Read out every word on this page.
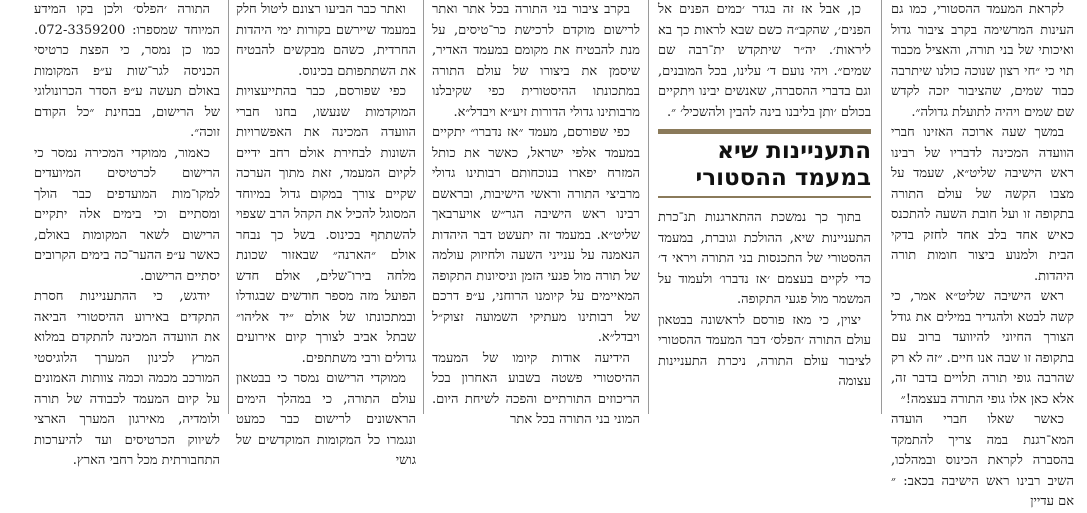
לקראת המעמד ההסטורי, כמו גם העינות המרשימה בקרב ציבור גדול ואיכותי של בני תורה, והאציל מכבוד תוי כי ״חי רצון שנוכה כולנו שיתרבה כבוד שמים, שהציבור יזכה לקדש שם שמים ויהיה לתועלת גדולה״.

במשך שעה ארוכה האזינו חברי הוועדה המכינה לדבריו של רבינו ראש הישיבה שליט״א, שעמד על מצבו הקשה של עולם התורה בתקופה זו ועל חובת השעה להתכנס כאיש אחד בלב אחד לחזק בדקי הבית ולמנוע ביצור חומות תורה היהדות.

ראש הישיבה שליט״א אמר, כי קשה לבטא ולהגדיר במילים את גודל הצורך החיוני להיוועד ברוב עם בתקופה זו שבה אנו חיים. ״זה לא רק שהרבה גופי תורה תלויים בדבר זה, אלא כאן אלו גופי התורה בעצמה!״

כאשר שאלו חברי הועדה המא־רגנת במה צריך להתמקד בהסברה לקראת הכינוס ובמהלכו, השיב רבינו ראש הישיבה בכאב: ״ אם עדיין

כן, אבל אז זה בגדר ׳כמים הפנים אל הפנים׳, שהקב״ה כשם שבא לראות כך בא ליראות׳. יה״ר שיתקדש ית־רבה שם שמים״. ויהי נועם ד׳ עלינו, בכל המובנים, וגם בדברי ההסברה, שאנשים יבינו ויתקיים בכולם ׳ותן בליבנו בינה להבין ולהשכיל׳ ״.

התעניינות שיא
במעמד ההסטורי

בתוך כך נמשכת ההתארגנות תנ־כרת התעניינות שיא, ההולכת וגוברת, במעמד ההסטורי של התכנסות בני התורה ויראי ד׳ כדי לקיים בעצמם ׳אז נדברו׳ ולעמוד על המשמר מול פגעי התקופה.

יצוין, כי מאז פורסם לראשונה בבטאון עולם התורה ׳הפלס׳ דבר המעמד ההסטורי לציבור עולם התורה, ניכרת התעניינות עצומה

בקרב ציבור בני התורה בכל אתר ואתר לרישום מוקדם לרכישת כר־טיסים, על מנת להבטיח את מקומם במעמד האדיר, שיסמן את ביצורו של עולם התורה במתכונתו ההיסטורית כפי שקיבלנו מרבותינו גדולי הדורות זיע״א ויבדל״א.

כפי שפורסם, מעמד ״אז נדברו״ יתקיים במעמד אלפי ישראל, כאשר את כותל המזרח יפארו בנוכחותם רבותינו גדולי מרביצי התורה וראשי הישיבות, ובראשם רבינו ראש הישיבה הגר״ש אויערבאך שליט״א. במעמד זה יתעשט דבר היהדות הנאמנה על ענייני השעה ולחיזוק עולמה של תורה מול פגעי הזמן וניסיונות התקופה המאיימים על קיומנו הרוחני, ע״פ דרכם של רבותינו מעתיקי השמועה זצוק״ל ויבדל״א.

הידיעה אודות קיומו של המעמד ההיסטורי פשטה בשבוע האחרון בכל הריכוזים התורתיים והפכה לשיחת היום. המוני בני התורה בכל אתר

ואתר כבר הביעו רצונם ליטול חלק במעמד שיירשם בקורות ימי היהדות החרדית, כשהם מבקשים להבטיח את השתתפותם בכינוס.

כפי שפורסם, כבר בהתייעצויות המוקדמות שנעשו, בחנו חברי הוועדה המכינה את האפשרויות השונות לבחירת אולם רחב ידיים לקיום המעמד, זאת מתוך הערכה שקיים צורך במקום גדול במיוחד המסוגל להכיל את הקהל הרב שצפוי להשתתף בכינוס. בשל כך נבחר אולם ״הארנה״ שבאזור שכונת מלחה בירו־שלים, אולם חדש הפועל מזה מספר חודשים שבגודלו ובמתכונתו של אולם ״יד אליהו״ שבתל אביב לצורך קיום אירועים גדולים ורבי משתתפים.

ממוקדי הרישום נמסר כי בבטאון עולם התורה, כי במהלך הימים הראשונים לרישום כבר כמעט ונגמרו כל המקומות המוקדשים של גושי

התורה ׳הפלס׳ ולכן בקו המידע המיוחד שמספרו: 072-3359200. כמו כן נמסר, כי הפצת כרטיסי הכניסה לגר־שות ע״פ המקומות באולם תעשה ע״פ הסדר הכרונולוגי של הרישום, בבחינת ״כל הקודם זוכה״.

כאמור, ממוקדי המכירה נמסר כי הרישום לכרטיסים המיועדים למקו־מות המועדפים כבר הולך ומסתיים וכי בימים אלה יתקיים הרישום לשאר המקומות באולם, כאשר ע״פ ההער־כה בימים הקרובים יסתיים הרישום.

יודגש, כי ההתעניינות חסרת התקדים באירוע ההיסטורי הביאה את הוועדה המכינה להתקדם במלוא המרץ לכינון המערך הלוגיסטי המורכב מכמה וכמה צוותות האמונים על קיום המעמד לכבודה של תורה ולומדיה, מאירגון המערך הארצי לשיווק הכרטיסים ועד להיערכות התחבורתית מכל רחבי הארץ.
